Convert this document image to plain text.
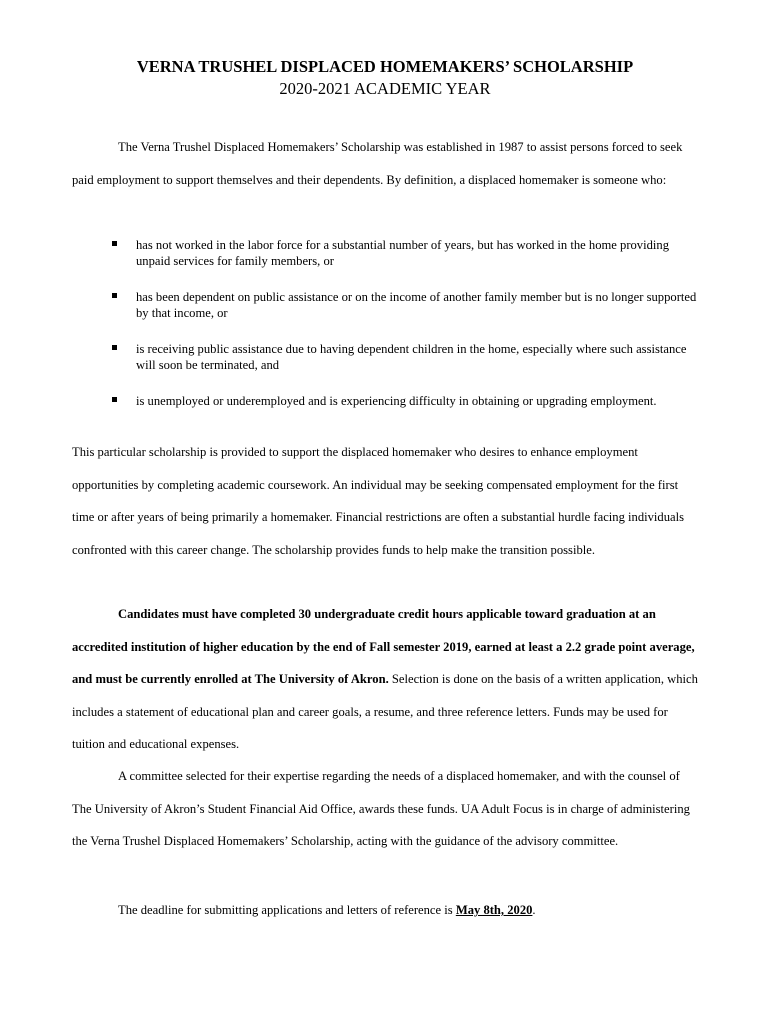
VERNA TRUSHEL DISPLACED HOMEMAKERS’ SCHOLARSHIP
2020-2021 ACADEMIC YEAR

The Verna Trushel Displaced Homemakers’ Scholarship was established in 1987 to assist persons forced to seek paid employment to support themselves and their dependents. By definition, a displaced homemaker is someone who:

has not worked in the labor force for a substantial number of years, but has worked in the home providing unpaid services for family members, or
has been dependent on public assistance or on the income of another family member but is no longer supported by that income, or
is receiving public assistance due to having dependent children in the home, especially where such assistance will soon be terminated, and
is unemployed or underemployed and is experiencing difficulty in obtaining or upgrading employment.

This particular scholarship is provided to support the displaced homemaker who desires to enhance employment opportunities by completing academic coursework. An individual may be seeking compensated employment for the first time or after years of being primarily a homemaker. Financial restrictions are often a substantial hurdle facing individuals confronted with this career change. The scholarship provides funds to help make the transition possible.

Candidates must have completed 30 undergraduate credit hours applicable toward graduation at an accredited institution of higher education by the end of Fall semester 2019, earned at least a 2.2 grade point average, and must be currently enrolled at The University of Akron. Selection is done on the basis of a written application, which includes a statement of educational plan and career goals, a resume, and three reference letters. Funds may be used for tuition and educational expenses.

A committee selected for their expertise regarding the needs of a displaced homemaker, and with the counsel of The University of Akron’s Student Financial Aid Office, awards these funds. UA Adult Focus is in charge of administering the Verna Trushel Displaced Homemakers’ Scholarship, acting with the guidance of the advisory committee.

The deadline for submitting applications and letters of reference is May 8th, 2020.
